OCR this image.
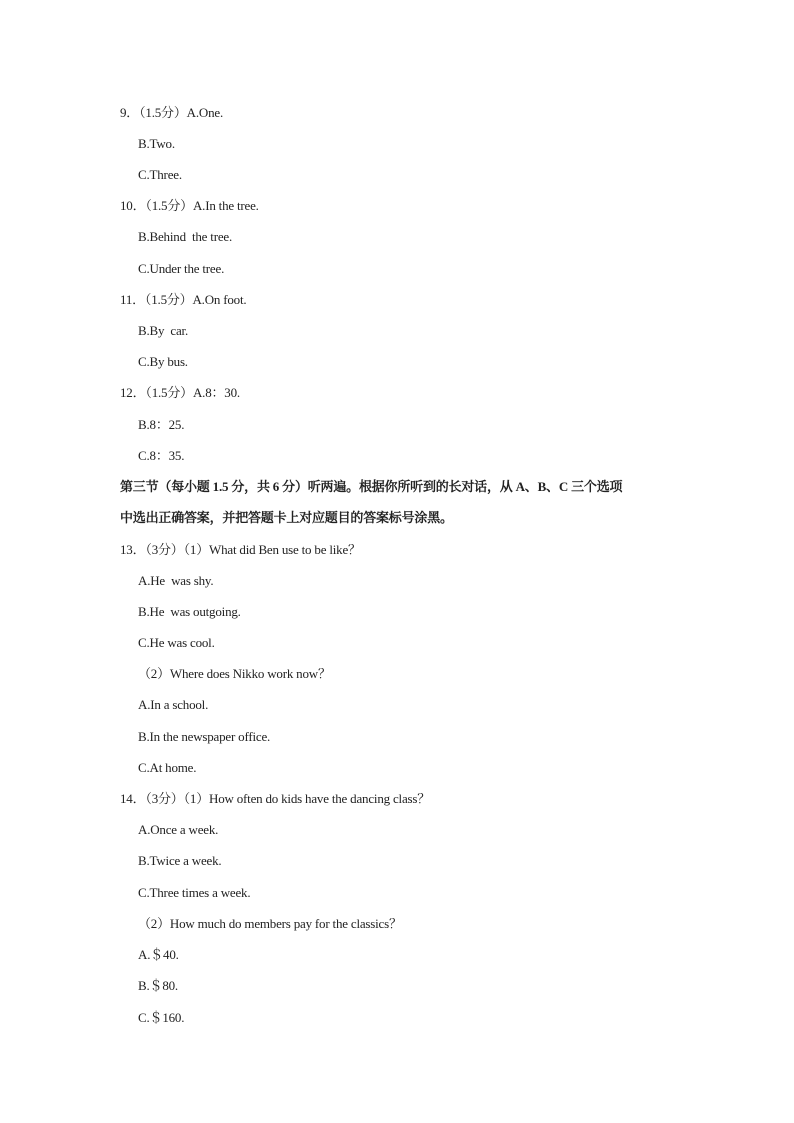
9．（1.5分）A.One.
B.Two.
C.Three.
10．（1.5分）A.In the tree.
B.Behind  the tree.
C.Under the tree.
11．（1.5分）A.On foot.
B.By  car.
C.By bus.
12．（1.5分）A.8：30.
B.8：25.
C.8：35.
第三节（每小题 1.5 分，共 6 分）听两遍。根据你所听到的长对话，从 A、B、C 三个选项
中选出正确答案，并把答题卡上对应题目的答案标号涂黑。
13．（3分）（1）What did Ben use to be like？
A.He  was shy.
B.He  was outgoing.
C.He was cool.
（2）Where does Nikko work now？
A.In a school.
B.In the newspaper office.
C.At home.
14．（3分）（1）How often do kids have the dancing class？
A.Once a week.
B.Twice a week.
C.Three times a week.
（2）How much do members pay for the classics？
A.＄40.
B.＄80.
C.＄160.
